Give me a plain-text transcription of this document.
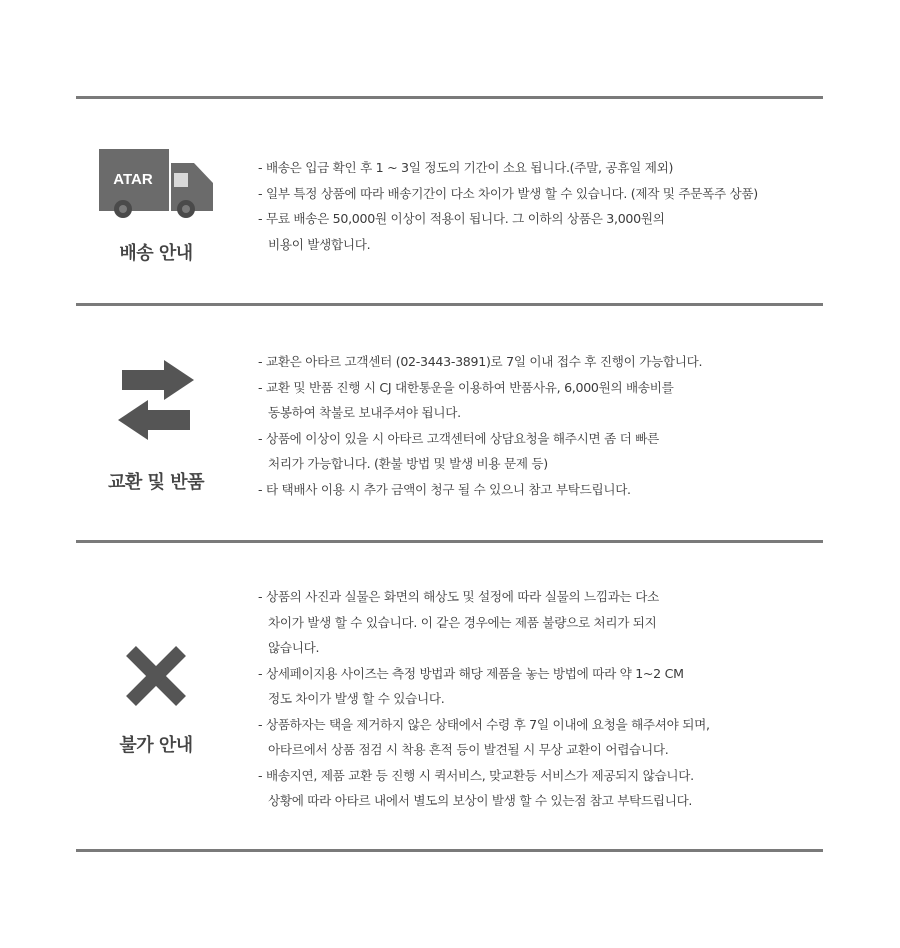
ATAR
배송 안내
- 배송은 입금 확인 후 1 ~ 3일 정도의 기간이 소요 됩니다.(주말, 공휴일 제외)
- 일부 특정 상품에 따라 배송기간이 다소 차이가 발생 할 수 있습니다. (제작 및 주문폭주 상품)
- 무료 배송은 50,000원 이상이 적용이 됩니다. 그 이하의 상품은 3,000원의
비용이 발생합니다.
교환 및 반품
- 교환은 아타르 고객센터 (02-3443-3891)로 7일 이내 접수 후 진행이 가능합니다.
- 교환 및 반품 진행 시 CJ 대한통운을 이용하여 반품사유, 6,000원의 배송비를
동봉하여 착불로 보내주셔야 됩니다.
- 상품에 이상이 있을 시 아타르 고객센터에 상담요청을 해주시면 좀 더 빠른
처리가 가능합니다. (환불 방법 및 발생 비용 문제 등)
- 타 택배사 이용 시 추가 금액이 청구 될 수 있으니 참고 부탁드립니다.
불가 안내
- 상품의 사진과 실물은 화면의 해상도 및 설정에 따라 실물의 느낌과는 다소
차이가 발생 할 수 있습니다. 이 같은 경우에는 제품 불량으로 처리가 되지
않습니다.
- 상세페이지용 사이즈는 측정 방법과 해당 제품을 놓는 방법에 따라 약 1~2 CM
정도 차이가 발생 할 수 있습니다.
- 상품하자는 택을 제거하지 않은 상태에서 수령 후 7일 이내에 요청을 해주셔야 되며,
아타르에서 상품 점검 시 착용 흔적 등이 발견될 시 무상 교환이 어렵습니다.
- 배송지연, 제품 교환 등 진행 시 퀵서비스, 맞교환등 서비스가 제공되지 않습니다.
상황에 따라 아타르 내에서 별도의 보상이 발생 할 수 있는점 참고 부탁드립니다.
